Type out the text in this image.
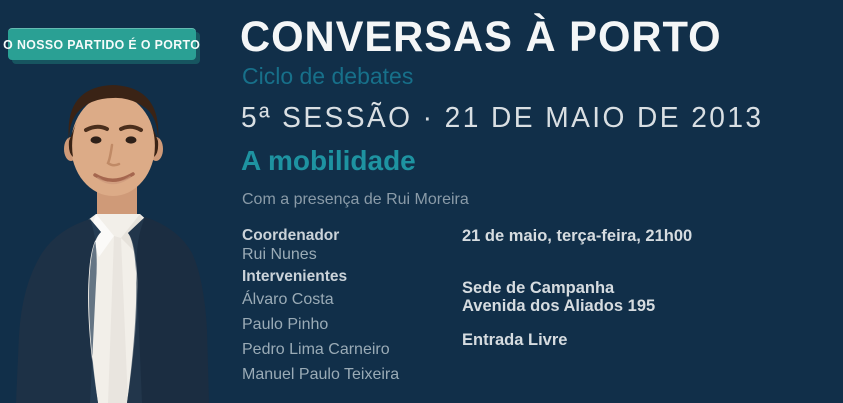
O NOSSO PARTIDO É O PORTO CONVERSAS À PORTO
Ciclo de debates
5ª SESSÃO · 21 DE MAIO DE 2013
A mobilidade
Com a presença de Rui Moreira
Coordenador
Rui Nunes
Intervenientes
Álvaro Costa
Paulo Pinho
Pedro Lima Carneiro
Manuel Paulo Teixeira
21 de maio, terça-feira, 21h00
Sede de Campanha
Avenida dos Aliados 195
Entrada Livre
